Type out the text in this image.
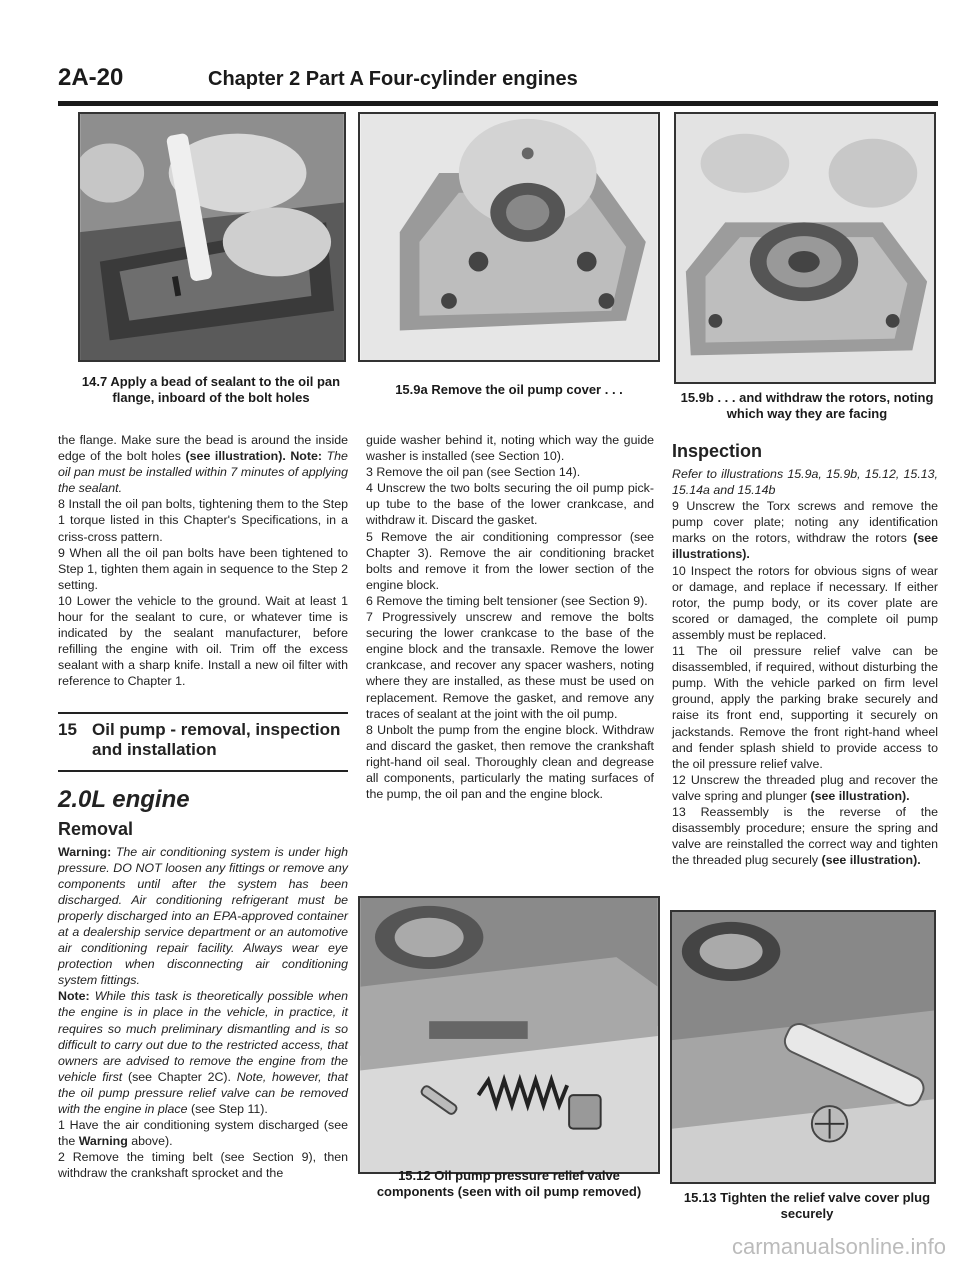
2A-20	Chapter 2 Part A Four-cylinder engines
14.7 Apply a bead of sealant to the oil pan flange, inboard of the bolt holes
15.9a Remove the oil pump cover . . .
15.9b . . . and withdraw the rotors, noting which way they are facing

the flange. Make sure the bead is around the inside edge of the bolt holes (see illustration). Note: The oil pan must be installed within 7 minutes of applying the sealant.

8 Install the oil pan bolts, tightening them to the Step 1 torque listed in this Chapter's Specifications, in a criss-cross pattern.

9 When all the oil pan bolts have been tightened to Step 1, tighten them again in sequence to the Step 2 setting.

10 Lower the vehicle to the ground. Wait at least 1 hour for the sealant to cure, or whatever time is indicated by the sealant manufacturer, before refilling the engine with oil. Trim off the excess sealant with a sharp knife. Install a new oil filter with reference to Chapter 1.

15 Oil pump - removal, inspection
and installation
2.0L engine
Removal

Warning: The air conditioning system is under high pressure. DO NOT loosen any fittings or remove any components until after the system has been discharged. Air conditioning refrigerant must be properly discharged into an EPA-approved container at a dealership service department or an automotive air conditioning repair facility. Always wear eye protection when disconnecting air conditioning system fittings.

Note: While this task is theoretically possible when the engine is in place in the vehicle, in practice, it requires so much preliminary dismantling and is so difficult to carry out due to the restricted access, that owners are advised to remove the engine from the vehicle first (see Chapter 2C). Note, however, that the oil pump pressure relief valve can be removed with the engine in place (see Step 11).

1 Have the air conditioning system discharged (see the Warning above).

2 Remove the timing belt (see Section 9), then withdraw the crankshaft sprocket and the

guide washer behind it, noting which way the guide washer is installed (see Section 10).

3 Remove the oil pan (see Section 14).

4 Unscrew the two bolts securing the oil pump pick-up tube to the base of the lower crankcase, and withdraw it. Discard the gasket.

5 Remove the air conditioning compressor (see Chapter 3). Remove the air conditioning bracket bolts and remove it from the lower section of the engine block.

6 Remove the timing belt tensioner (see Section 9).

7 Progressively unscrew and remove the bolts securing the lower crankcase to the base of the engine block and the transaxle. Remove the lower crankcase, and recover any spacer washers, noting where they are installed, as these must be used on replacement. Remove the gasket, and remove any traces of sealant at the joint with the oil pump.

8 Unbolt the pump from the engine block. Withdraw and discard the gasket, then remove the crankshaft right-hand oil seal. Thoroughly clean and degrease all components, particularly the mating surfaces of the pump, the oil pan and the engine block.

15.12 Oil pump pressure relief valve components (seen with oil pump removed)
Inspection

Refer to illustrations 15.9a, 15.9b, 15.12, 15.13, 15.14a and 15.14b

9 Unscrew the Torx screws and remove the pump cover plate; noting any identification marks on the rotors, withdraw the rotors (see illustrations).

10 Inspect the rotors for obvious signs of wear or damage, and replace if necessary. If either rotor, the pump body, or its cover plate are scored or damaged, the complete oil pump assembly must be replaced.

11 The oil pressure relief valve can be disassembled, if required, without disturbing the pump. With the vehicle parked on firm level ground, apply the parking brake securely and raise its front end, supporting it securely on jackstands. Remove the front right-hand wheel and fender splash shield to provide access to the oil pressure relief valve.

12 Unscrew the threaded plug and recover the valve spring and plunger (see illustration).

13 Reassembly is the reverse of the disassembly procedure; ensure the spring and valve are reinstalled the correct way and tighten the threaded plug securely (see illustration).

15.13 Tighten the relief valve cover plug securely
carmanualsonline.info
